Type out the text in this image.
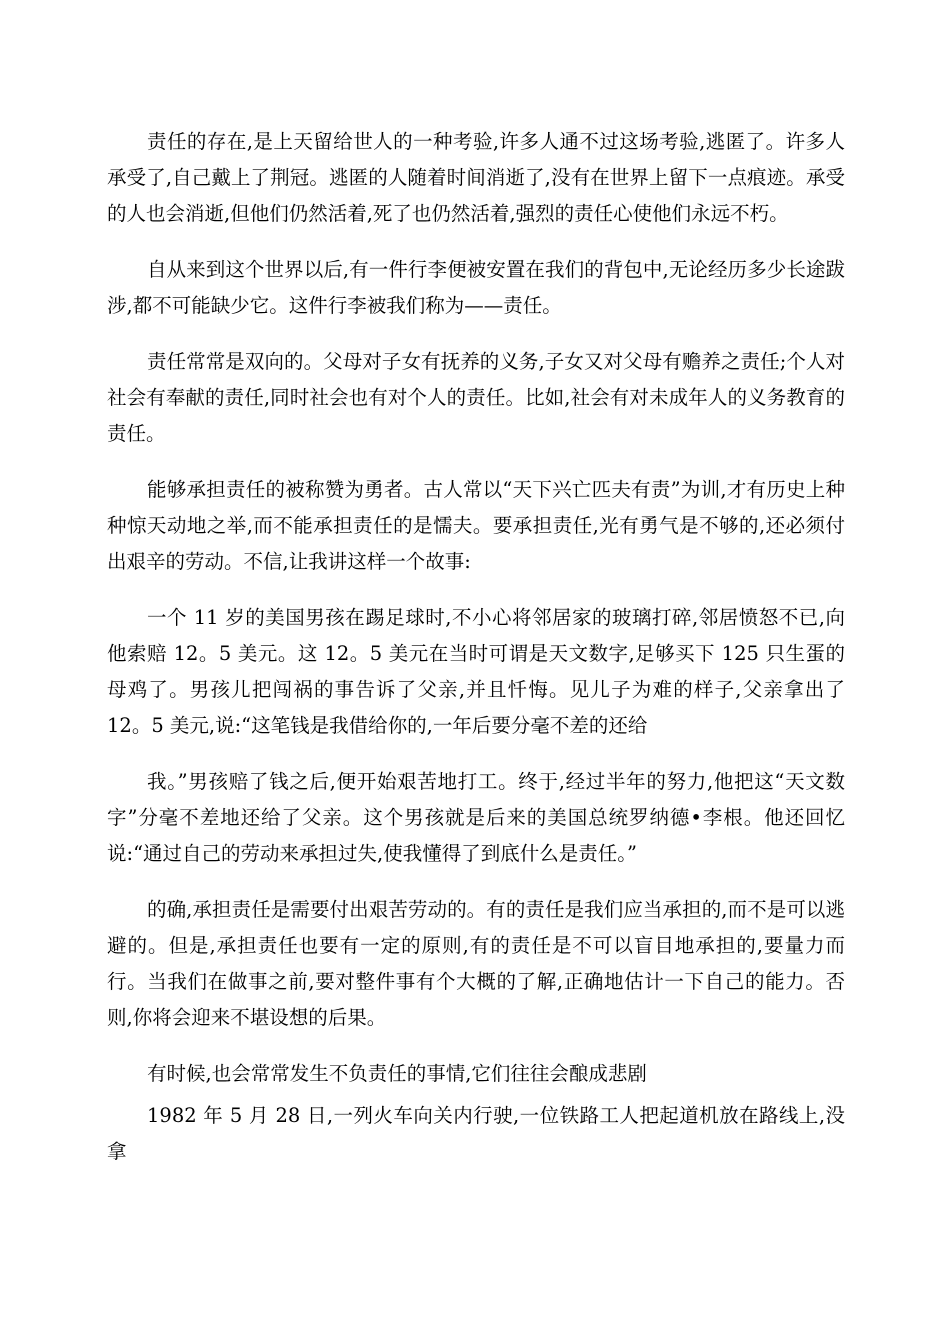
责任的存在,是上天留给世人的一种考验,许多人通不过这场考验,逃匿了。许多人承受了,自己戴上了荆冠。逃匿的人随着时间消逝了,没有在世界上留下一点痕迹。承受的人也会消逝,但他们仍然活着,死了也仍然活着,强烈的责任心使他们永远不朽。

自从来到这个世界以后,有一件行李便被安置在我们的背包中,无论经历多少长途跋涉,都不可能缺少它。这件行李被我们称为——责任。

责任常常是双向的。父母对子女有抚养的义务,子女又对父母有赡养之责任;个人对社会有奉献的责任,同时社会也有对个人的责任。比如,社会有对未成年人的义务教育的责任。

能够承担责任的被称赞为勇者。古人常以“天下兴亡匹夫有责”为训,才有历史上种种惊天动地之举,而不能承担责任的是懦夫。要承担责任,光有勇气是不够的,还必须付出艰辛的劳动。不信,让我讲这样一个故事:

一个 11 岁的美国男孩在踢足球时,不小心将邻居家的玻璃打碎,邻居愤怒不已,向他索赔 12。5 美元。这 12。5 美元在当时可谓是天文数字,足够买下 125 只生蛋的母鸡了。男孩儿把闯祸的事告诉了父亲,并且忏悔。见儿子为难的样子,父亲拿出了 12。5 美元,说:“这笔钱是我借给你的,一年后要分毫不差的还给

我。”男孩赔了钱之后,便开始艰苦地打工。终于,经过半年的努力,他把这“天文数字”分毫不差地还给了父亲。这个男孩就是后来的美国总统罗纳德•李根。他还回忆说:“通过自己的劳动来承担过失,使我懂得了到底什么是责任。”

的确,承担责任是需要付出艰苦劳动的。有的责任是我们应当承担的,而不是可以逃避的。但是,承担责任也要有一定的原则,有的责任是不可以盲目地承担的,要量力而行。当我们在做事之前,要对整件事有个大概的了解,正确地估计一下自己的能力。否则,你将会迎来不堪设想的后果。

有时候,也会常常发生不负责任的事情,它们往往会酿成悲剧

1982 年 5 月 28 日,一列火车向关内行驶,一位铁路工人把起道机放在路线上,没拿
